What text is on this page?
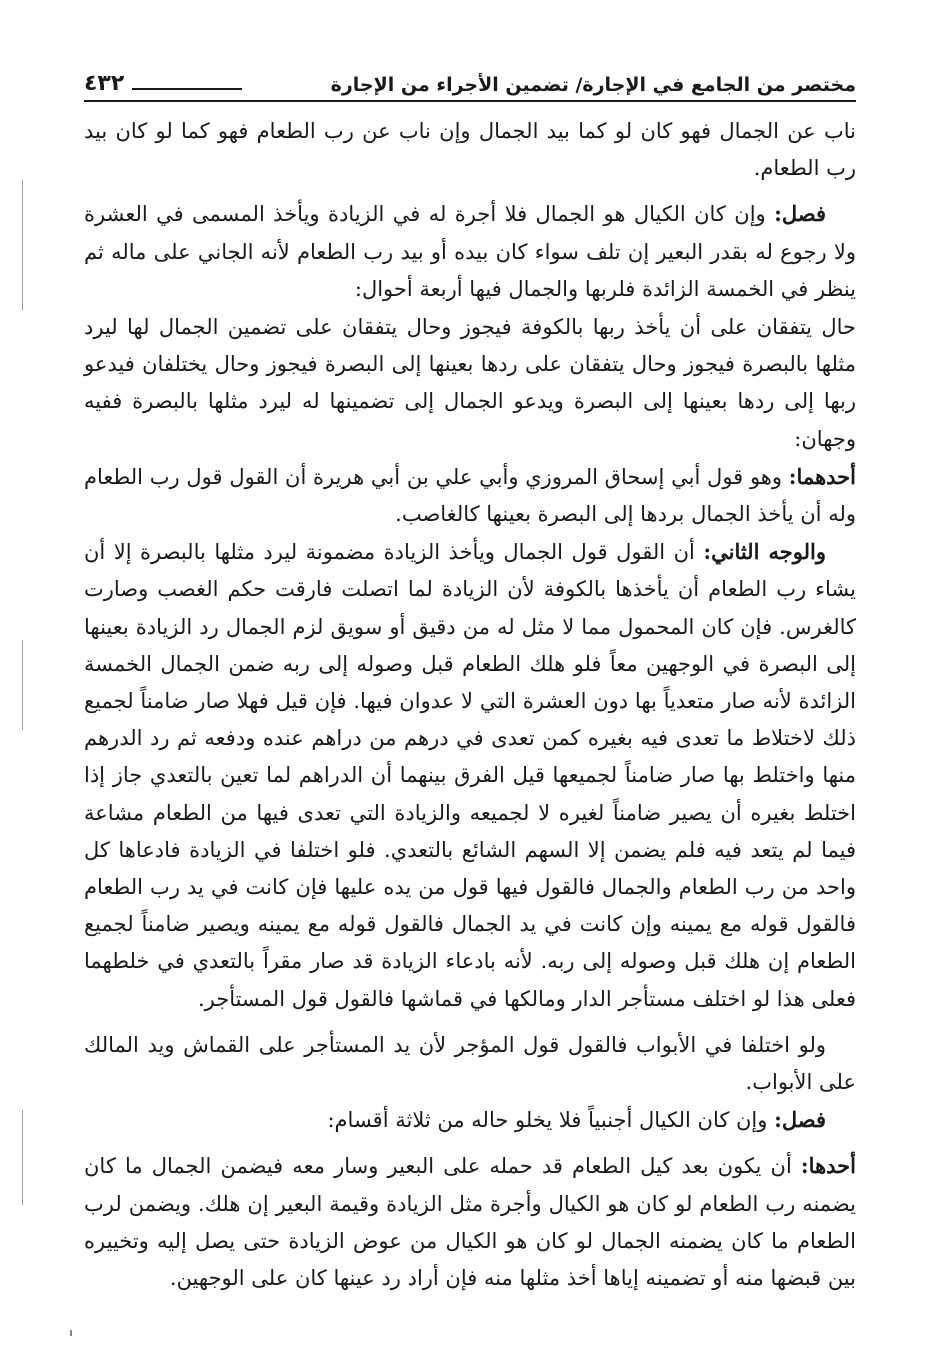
مختصر من الجامع في الإجارة/ تضمين الأجراء من الإجارة
٤٣٢

ناب عن الجمال فهو كان لو كما بيد الجمال وإن ناب عن رب الطعام فهو كما لو كان بيد رب الطعام.

فصل: وإن كان الكيال هو الجمال فلا أجرة له في الزيادة ويأخذ المسمى في العشرة ولا رجوع له بقدر البعير إن تلف سواء كان بيده أو بيد رب الطعام لأنه الجاني على ماله ثم ينظر في الخمسة الزائدة فلربها والجمال فيها أربعة أحوال:

حال يتفقان على أن يأخذ ربها بالكوفة فيجوز وحال يتفقان على تضمين الجمال لها ليرد مثلها بالبصرة فيجوز وحال يتفقان على ردها بعينها إلى البصرة فيجوز وحال يختلفان فيدعو ربها إلى ردها بعينها إلى البصرة ويدعو الجمال إلى تضمينها له ليرد مثلها بالبصرة ففيه وجهان:

أحدهما: وهو قول أبي إسحاق المروزي وأبي علي بن أبي هريرة أن القول قول رب الطعام وله أن يأخذ الجمال بردها إلى البصرة بعينها كالغاصب.

والوجه الثاني: أن القول قول الجمال ويأخذ الزيادة مضمونة ليرد مثلها بالبصرة إلا أن يشاء رب الطعام أن يأخذها بالكوفة لأن الزيادة لما اتصلت فارقت حكم الغصب وصارت كالغرس. فإن كان المحمول مما لا مثل له من دقيق أو سويق لزم الجمال رد الزيادة بعينها إلى البصرة في الوجهين معاً فلو هلك الطعام قبل وصوله إلى ربه ضمن الجمال الخمسة الزائدة لأنه صار متعدياً بها دون العشرة التي لا عدوان فيها. فإن قيل فهلا صار ضامناً لجميع ذلك لاختلاط ما تعدى فيه بغيره كمن تعدى في درهم من دراهم عنده ودفعه ثم رد الدرهم منها واختلط بها صار ضامناً لجميعها قيل الفرق بينهما أن الدراهم لما تعين بالتعدي جاز إذا اختلط بغيره أن يصير ضامناً لغيره لا لجميعه والزيادة التي تعدى فيها من الطعام مشاعة فيما لم يتعد فيه فلم يضمن إلا السهم الشائع بالتعدي. فلو اختلفا في الزيادة فادعاها كل واحد من رب الطعام والجمال فالقول فيها قول من يده عليها فإن كانت في يد رب الطعام فالقول قوله مع يمينه وإن كانت في يد الجمال فالقول قوله مع يمينه ويصير ضامناً لجميع الطعام إن هلك قبل وصوله إلى ربه. لأنه بادعاء الزيادة قد صار مقراً بالتعدي في خلطهما فعلى هذا لو اختلف مستأجر الدار ومالكها في قماشها فالقول قول المستأجر.

ولو اختلفا في الأبواب فالقول قول المؤجر لأن يد المستأجر على القماش ويد المالك على الأبواب.

فصل: وإن كان الكيال أجنبياً فلا يخلو حاله من ثلاثة أقسام:

أحدها: أن يكون بعد كيل الطعام قد حمله على البعير وسار معه فيضمن الجمال ما كان يضمنه رب الطعام لو كان هو الكيال وأجرة مثل الزيادة وقيمة البعير إن هلك. ويضمن لرب الطعام ما كان يضمنه الجمال لو كان هو الكيال من عوض الزيادة حتى يصل إليه وتخييره بين قبضها منه أو تضمينه إياها أخذ مثلها منه فإن أراد رد عينها كان على الوجهين.
